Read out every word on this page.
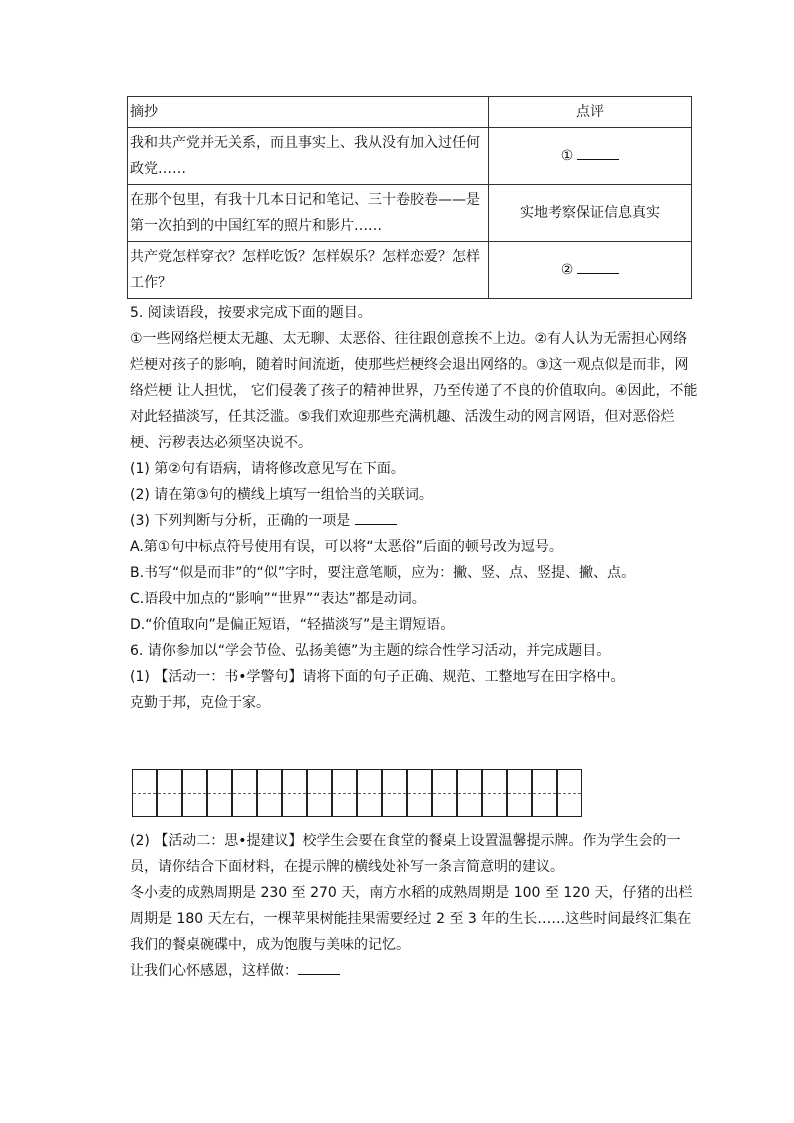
摘抄	点评
我和共产党并无关系，而且事实上、我从没有加入过任何政党……	①
在那个包里，有我十几本日记和笔记、三十卷胶卷——是第一次拍到的中国红军的照片和影片……	实地考察保证信息真实
共产党怎样穿衣？怎样吃饭？怎样娱乐？怎样恋爱？怎样工作？	②

5. 阅读语段，按要求完成下面的题目。

①一些网络烂梗太无趣、太无聊、太恶俗、往往跟创意挨不上边。②有人认为无需担心网络烂梗对孩子的影响，随着时间流逝，使那些烂梗终会退出网络的。③这一观点似是而非，网络烂梗 让人担忧， 它们侵袭了孩子的精神世界，乃至传递了不良的价值取向。④因此，不能对此轻描淡写，任其泛滥。⑤我们欢迎那些充满机趣、活泼生动的网言网语，但对恶俗烂梗、污秽表达必须坚决说不。

(1) 第②句有语病，请将修改意见写在下面。

(2) 请在第③句的横线上填写一组恰当的关联词。

(3) 下列判断与分析，正确的一项是

A.第①句中标点符号使用有误，可以将“太恶俗”后面的顿号改为逗号。

B.书写“似是而非”的“似”字时，要注意笔顺，应为：撇、竖、点、竖提、撇、点。

C.语段中加点的“影响”“世界”“表达”都是动词。

D.“价值取向”是偏正短语，“轻描淡写”是主谓短语。

6. 请你参加以“学会节俭、弘扬美德”为主题的综合性学习活动，并完成题目。

(1) 【活动一：书•学警句】请将下面的句子正确、规范、工整地写在田字格中。

克勤于邦，克俭于家。

(2) 【活动二：思•提建议】校学生会要在食堂的餐桌上设置温馨提示牌。作为学生会的一员，请你结合下面材料，在提示牌的横线处补写一条言简意明的建议。

冬小麦的成熟周期是 230 至 270 天，南方水稻的成熟周期是 100 至 120 天，仔猪的出栏周期是 180 天左右，一棵苹果树能挂果需要经过 2 至 3 年的生长……这些时间最终汇集在我们的餐桌碗碟中，成为饱腹与美味的记忆。

让我们心怀感恩，这样做：
